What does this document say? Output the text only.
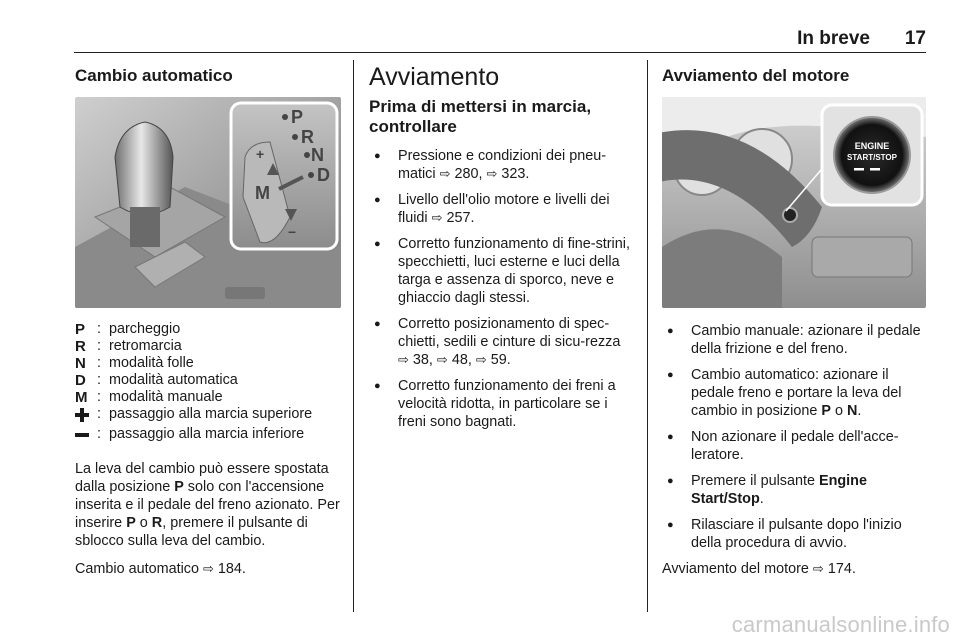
In breve 17
Cambio automatico
P
R
N
D
M
+
−
P : parcheggio
R : retromarcia
N : modalità folle
D : modalità automatica
M : modalità manuale
: passaggio alla marcia superiore
: passaggio alla marcia inferiore

La leva del cambio può essere spostata dalla posizione P solo con l'accensione inserita e il pedale del freno azionato. Per inserire P o R, premere il pulsante di sblocco sulla leva del cambio.

Cambio automatico ⇨ 184.

Avviamento
Prima di mettersi in marcia, controllare
● Pressione e condizioni dei pneu-matici ⇨ 280, ⇨ 323.
● Livello dell'olio motore e livelli dei fluidi ⇨ 257.
● Corretto funzionamento di fine-strini, specchietti, luci esterne e luci della targa e assenza di sporco, neve e ghiaccio dagli stessi.
● Corretto posizionamento di spec-chietti, sedili e cinture di sicu-rezza ⇨ 38, ⇨ 48, ⇨ 59.
● Corretto funzionamento dei freni a velocità ridotta, in particolare se i freni sono bagnati.
Avviamento del motore
ENGINE
START/STOP
● Cambio manuale: azionare il pedale della frizione e del freno.
● Cambio automatico: azionare il pedale freno e portare la leva del cambio in posizione P o N.
● Non azionare il pedale dell'acce-leratore.
● Premere il pulsante Engine Start/Stop.
● Rilasciare il pulsante dopo l'inizio della procedura di avvio.

Avviamento del motore ⇨ 174.

carmanualsonline.info
